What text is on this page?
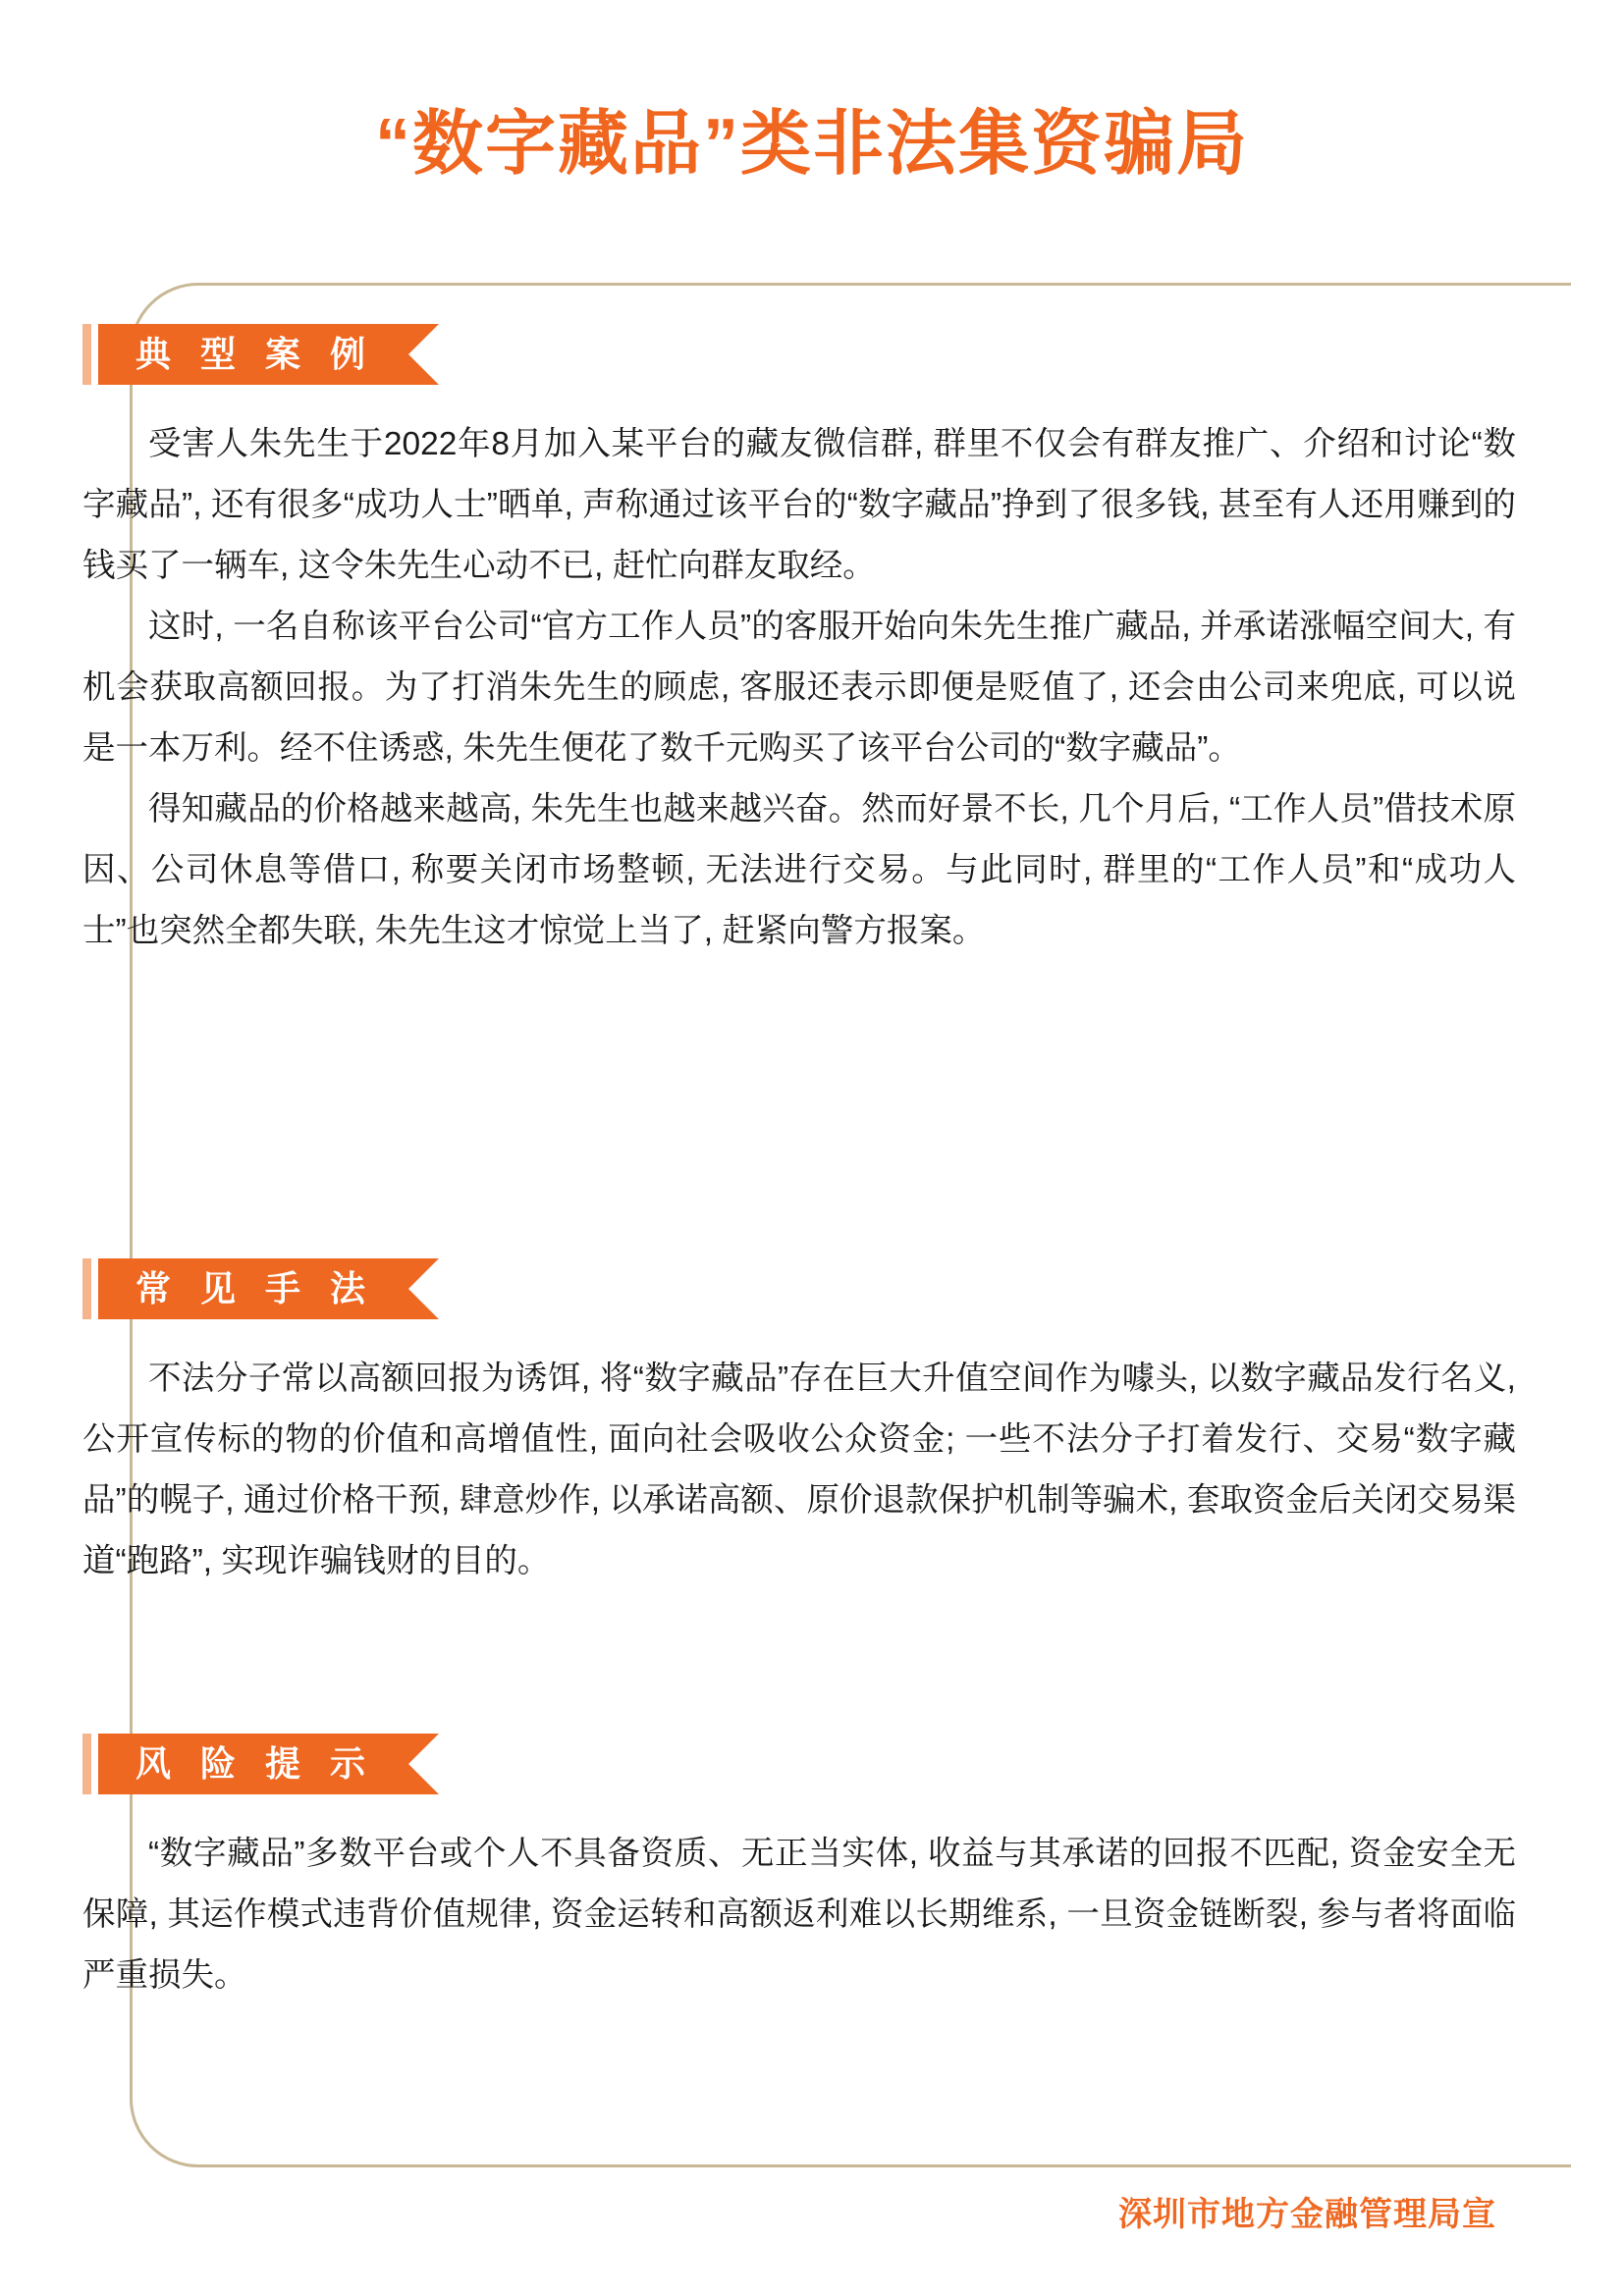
“数字藏品”类非法集资骗局
典 型 案 例

受害人朱先生于2022年8月加入某平台的藏友微信群, 群里不仅会有群友推广、介绍和讨论“数字藏品”, 还有很多“成功人士”晒单, 声称通过该平台的“数字藏品”挣到了很多钱, 甚至有人还用赚到的钱买了一辆车, 这令朱先生心动不已, 赶忙向群友取经。

这时, 一名自称该平台公司“官方工作人员”的客服开始向朱先生推广藏品, 并承诺涨幅空间大, 有机会获取高额回报。为了打消朱先生的顾虑, 客服还表示即便是贬值了, 还会由公司来兜底, 可以说是一本万利。经不住诱惑, 朱先生便花了数千元购买了该平台公司的“数字藏品”。

得知藏品的价格越来越高, 朱先生也越来越兴奋。然而好景不长, 几个月后, “工作人员”借技术原因、公司休息等借口, 称要关闭市场整顿, 无法进行交易。与此同时, 群里的“工作人员”和“成功人士”也突然全都失联, 朱先生这才惊觉上当了, 赶紧向警方报案。

常 见 手 法

不法分子常以高额回报为诱饵, 将“数字藏品”存在巨大升值空间作为噱头, 以数字藏品发行名义, 公开宣传标的物的价值和高增值性, 面向社会吸收公众资金; 一些不法分子打着发行、交易“数字藏品”的幌子, 通过价格干预, 肆意炒作, 以承诺高额、原价退款保护机制等骗术, 套取资金后关闭交易渠道“跑路”, 实现诈骗钱财的目的。

风 险 提 示

“数字藏品”多数平台或个人不具备资质、无正当实体, 收益与其承诺的回报不匹配, 资金安全无保障, 其运作模式违背价值规律, 资金运转和高额返利难以长期维系, 一旦资金链断裂, 参与者将面临严重损失。

深圳市地方金融管理局宣
